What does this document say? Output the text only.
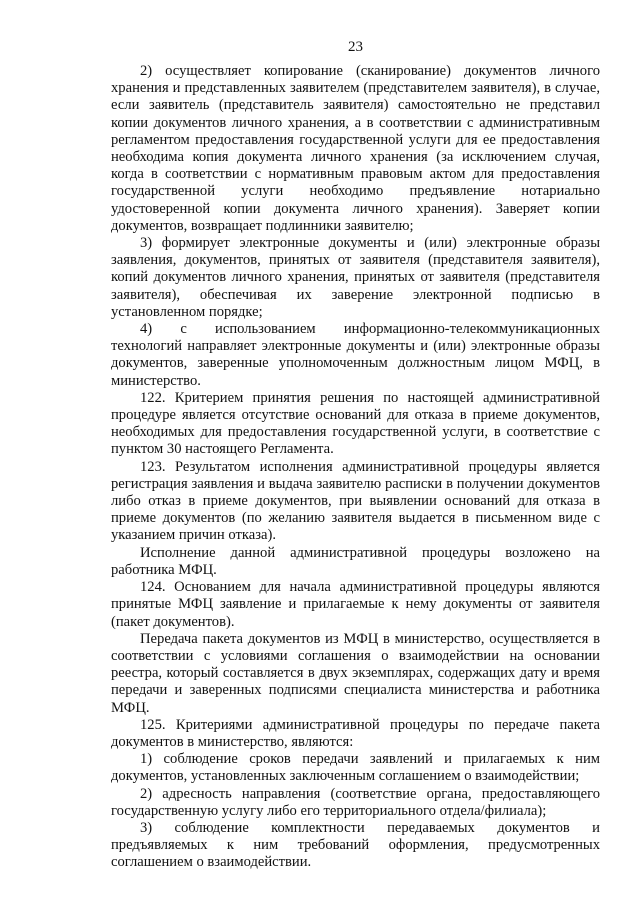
23

2) осуществляет копирование (сканирование) документов личного хранения и представленных заявителем (представителем заявителя), в случае, если заявитель (представитель заявителя) самостоятельно не представил копии документов личного хранения, а в соответствии с административным регламентом предоставления государственной услуги для ее предоставления необходима копия документа личного хранения (за исключением случая, когда в соответствии с нормативным правовым актом для предоставления государственной услуги необходимо предъявление нотариально удостоверенной копии документа личного хранения). Заверяет копии документов, возвращает подлинники заявителю;

3) формирует электронные документы и (или) электронные образы заявления, документов, принятых от заявителя (представителя заявителя), копий документов личного хранения, принятых от заявителя (представителя заявителя), обеспечивая их заверение электронной подписью в установленном порядке;

4) с использованием информационно-телекоммуникационных технологий направляет электронные документы и (или) электронные образы документов, заверенные уполномоченным должностным лицом МФЦ, в министерство.

122. Критерием принятия решения по настоящей административной процедуре является отсутствие оснований для отказа в приеме документов, необходимых для предоставления государственной услуги, в соответствие с пунктом 30 настоящего Регламента.

123. Результатом исполнения административной процедуры является регистрация заявления и выдача заявителю расписки в получении документов либо отказ в приеме документов, при выявлении оснований для отказа в приеме документов (по желанию заявителя выдается в письменном виде с указанием причин отказа).

Исполнение данной административной процедуры возложено на работника МФЦ.

124. Основанием для начала административной процедуры являются принятые МФЦ заявление и прилагаемые к нему документы от заявителя (пакет документов).

Передача пакета документов из МФЦ в министерство, осуществляется в соответствии с условиями соглашения о взаимодействии на основании реестра, который составляется в двух экземплярах, содержащих дату и время передачи и заверенных подписями специалиста министерства и работника МФЦ.

125. Критериями административной процедуры по передаче пакета документов в министерство, являются:

1) соблюдение сроков передачи заявлений и прилагаемых к ним документов, установленных заключенным соглашением о взаимодействии;

2) адресность направления (соответствие органа, предоставляющего государственную услугу либо его территориального отдела/филиала);

3) соблюдение комплектности передаваемых документов и предъявляемых к ним требований оформления, предусмотренных соглашением о взаимодействии.
